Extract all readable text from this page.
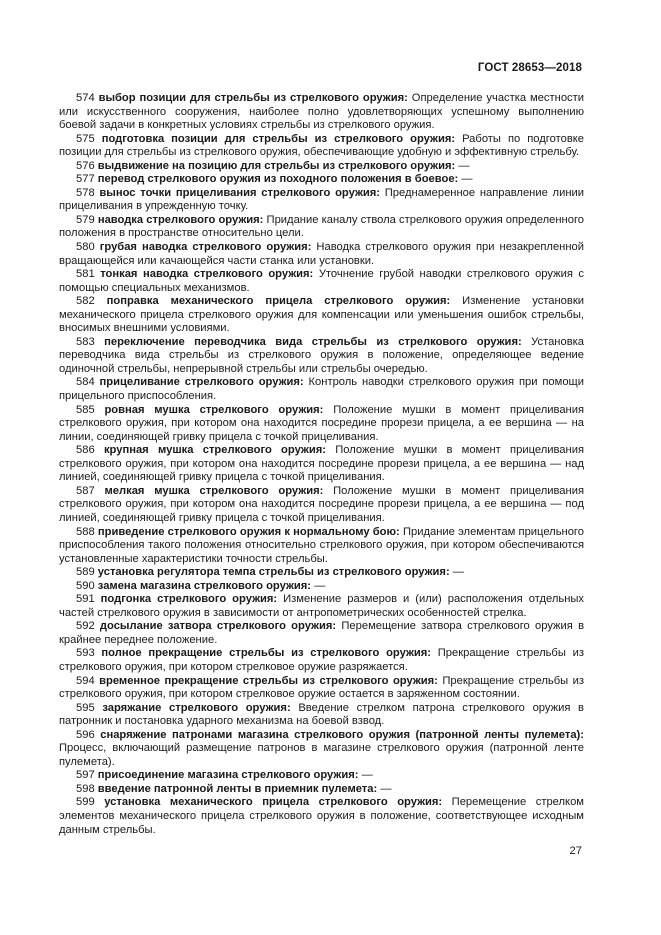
ГОСТ 28653—2018

574 выбор позиции для стрельбы из стрелкового оружия: Определение участка местности или искусственного сооружения, наиболее полно удовлетворяющих успешному выполнению боевой задачи в конкретных условиях стрельбы из стрелкового оружия.

575 подготовка позиции для стрельбы из стрелкового оружия: Работы по подготовке позиции для стрельбы из стрелкового оружия, обеспечивающие удобную и эффективную стрельбу.

576 выдвижение на позицию для стрельбы из стрелкового оружия: —

577 перевод стрелкового оружия из походного положения в боевое: —

578 вынос точки прицеливания стрелкового оружия: Преднамеренное направление линии прицеливания в упрежденную точку.

579 наводка стрелкового оружия: Придание каналу ствола стрелкового оружия определенного положения в пространстве относительно цели.

580 грубая наводка стрелкового оружия: Наводка стрелкового оружия при незакрепленной вращающейся или качающейся части станка или установки.

581 тонкая наводка стрелкового оружия: Уточнение грубой наводки стрелкового оружия с помощью специальных механизмов.

582 поправка механического прицела стрелкового оружия: Изменение установки механического прицела стрелкового оружия для компенсации или уменьшения ошибок стрельбы, вносимых внешними условиями.

583 переключение переводчика вида стрельбы из стрелкового оружия: Установка переводчика вида стрельбы из стрелкового оружия в положение, определяющее ведение одиночной стрельбы, непрерывной стрельбы или стрельбы очередью.

584 прицеливание стрелкового оружия: Контроль наводки стрелкового оружия при помощи прицельного приспособления.

585 ровная мушка стрелкового оружия: Положение мушки в момент прицеливания стрелкового оружия, при котором она находится посредине прорези прицела, а ее вершина — на линии, соединяющей гривку прицела с точкой прицеливания.

586 крупная мушка стрелкового оружия: Положение мушки в момент прицеливания стрелкового оружия, при котором она находится посредине прорези прицела, а ее вершина — над линией, соединяющей гривку прицела с точкой прицеливания.

587 мелкая мушка стрелкового оружия: Положение мушки в момент прицеливания стрелкового оружия, при котором она находится посредине прорези прицела, а ее вершина — под линией, соединяющей гривку прицела с точкой прицеливания.

588 приведение стрелкового оружия к нормальному бою: Придание элементам прицельного приспособления такого положения относительно стрелкового оружия, при котором обеспечиваются установленные характеристики точности стрельбы.

589 установка регулятора темпа стрельбы из стрелкового оружия: —

590 замена магазина стрелкового оружия: —

591 подгонка стрелкового оружия: Изменение размеров и (или) расположения отдельных частей стрелкового оружия в зависимости от антропометрических особенностей стрелка.

592 досылание затвора стрелкового оружия: Перемещение затвора стрелкового оружия в крайнее переднее положение.

593 полное прекращение стрельбы из стрелкового оружия: Прекращение стрельбы из стрелкового оружия, при котором стрелковое оружие разряжается.

594 временное прекращение стрельбы из стрелкового оружия: Прекращение стрельбы из стрелкового оружия, при котором стрелковое оружие остается в заряженном состоянии.

595 заряжание стрелкового оружия: Введение стрелком патрона стрелкового оружия в патронник и постановка ударного механизма на боевой взвод.

596 снаряжение патронами магазина стрелкового оружия (патронной ленты пулемета): Процесс, включающий размещение патронов в магазине стрелкового оружия (патронной ленте пулемета).

597 присоединение магазина стрелкового оружия: —

598 введение патронной ленты в приемник пулемета: —

599 установка механического прицела стрелкового оружия: Перемещение стрелком элементов механического прицела стрелкового оружия в положение, соответствующее исходным данным стрельбы.

27
